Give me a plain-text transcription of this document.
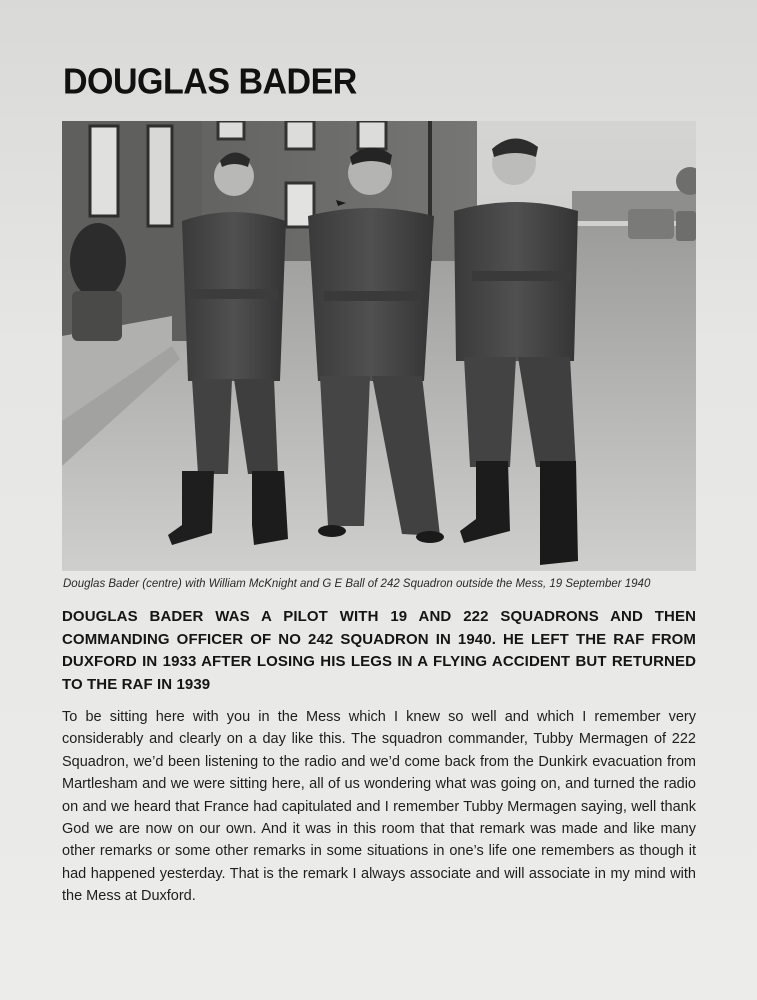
DOUGLAS BADER
Douglas Bader (centre) with William McKnight and G E Ball of 242 Squadron outside the Mess, 19 September 1940
DOUGLAS BADER WAS A PILOT WITH 19 AND 222 SQUADRONS AND THEN COMMANDING OFFICER OF NO 242 SQUADRON IN 1940. HE LEFT THE RAF FROM DUXFORD IN 1933 AFTER LOSING HIS LEGS IN A FLYING ACCIDENT BUT RETURNED TO THE RAF IN 1939
To be sitting here with you in the Mess which I knew so well and which I remember very considerably and clearly on a day like this. The squadron commander, Tubby Mermagen of 222 Squadron, we’d been listening to the radio and we’d come back from the Dunkirk evacuation from Martlesham and we were sitting here, all of us wondering what was going on, and turned the radio on and we heard that France had capitulated and I remember Tubby Mermagen saying, well thank God we are now on our own. And it was in this room that that remark was made and like many other remarks or some other remarks in some situations in one’s life one remembers as though it had happened yesterday. That is the remark I always associate and will associate in my mind with the Mess at Duxford.
